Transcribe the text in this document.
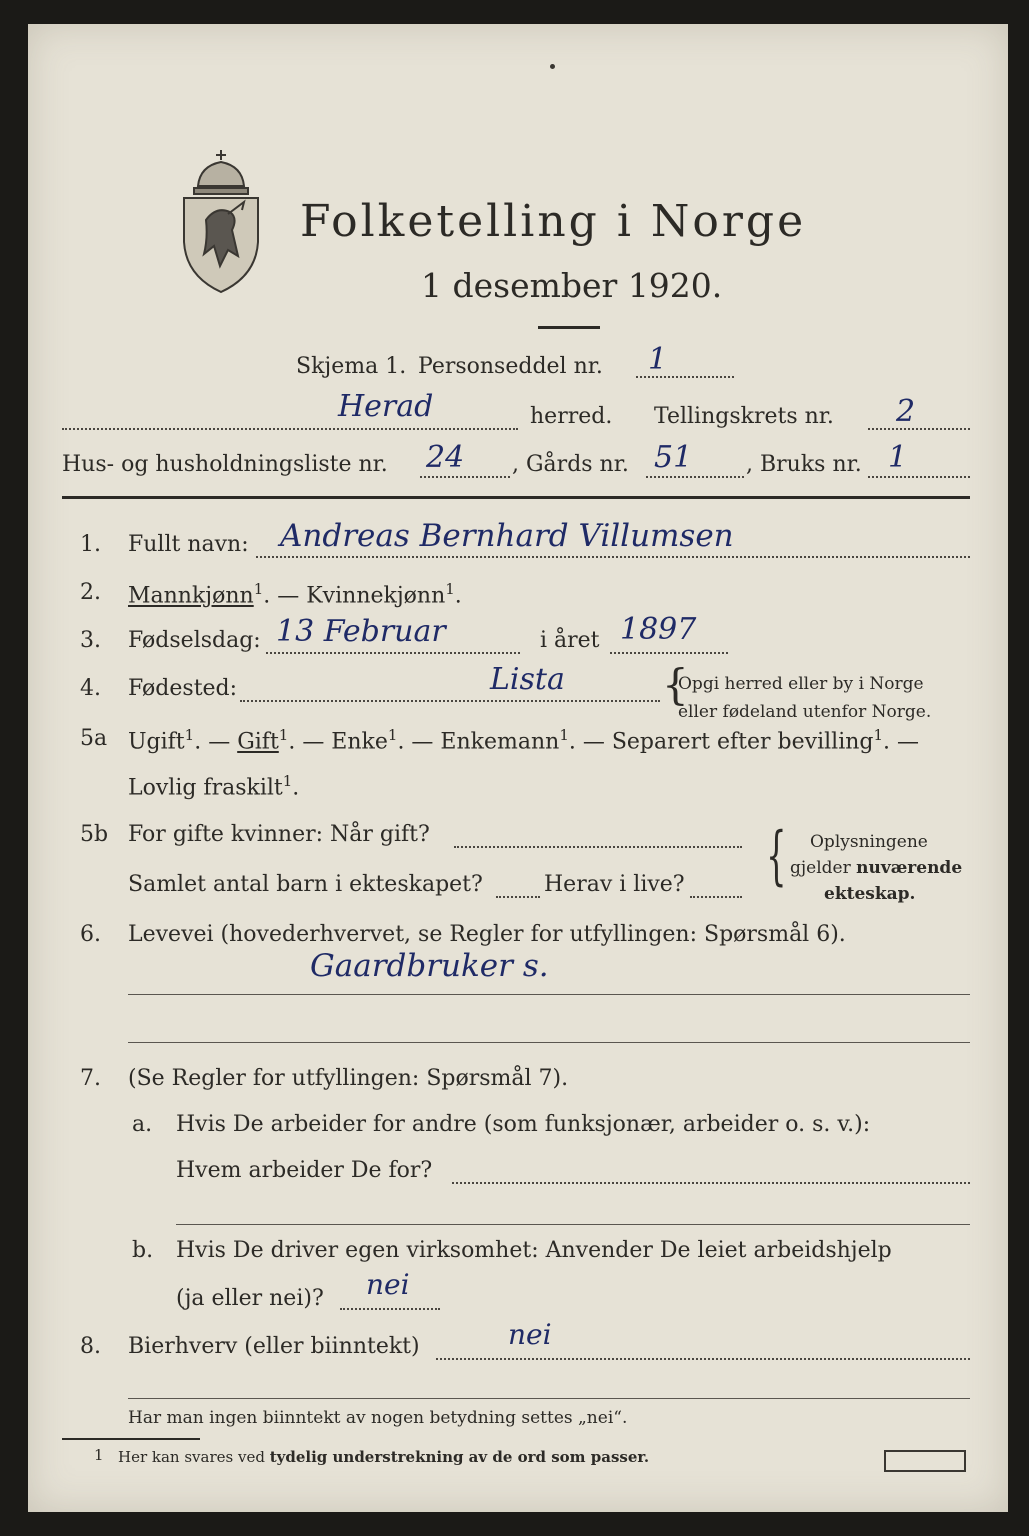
Folketelling i Norge
1 desember 1920.
Skjema 1. Personseddel nr. 1
Herad	herred. Tellingskrets nr. 2
Hus- og husholdningsliste nr. 24 , Gårds nr. 51 , Bruks nr. 1
1. Fullt navn: Andreas Bernhard Villumsen
2. Mannkjønn$^1$. — Kvinnekjønn$^1$.
3. Fødselsdag: 13 Februar	i året 1897
4. Fødested:	Lista {
Opgi herred eller by i Norge
eller fødeland utenfor Norge.
5a Ugift$^1$. — Gift$^1$. — Enke$^1$. — Enkemann$^1$. — Separert efter bevilling$^1$. —
Lovlig fraskilt$^1$.
5b For gifte kvinner: Når gift?
Samlet antal barn i ekteskapet?	Herav i live? { Oplysningene
gjelder nuværende
ekteskap.
6. Levevei (hovederhvervet, se Regler for utfyllingen: Spørsmål 6).
Gaardbruker s.
7. (Se Regler for utfyllingen: Spørsmål 7).
a. Hvis De arbeider for andre (som funksjonær, arbeider o. s. v.):
Hvem arbeider De for?
b. Hvis De driver egen virksomhet: Anvender De leiet arbeidshjelp
(ja eller nei)? nei
8. Bierhverv (eller biinntekt)	nei
Har man ingen biinntekt av nogen betydning settes „nei“.
1 Her kan svares ved tydelig understrekning av de ord som passer.
